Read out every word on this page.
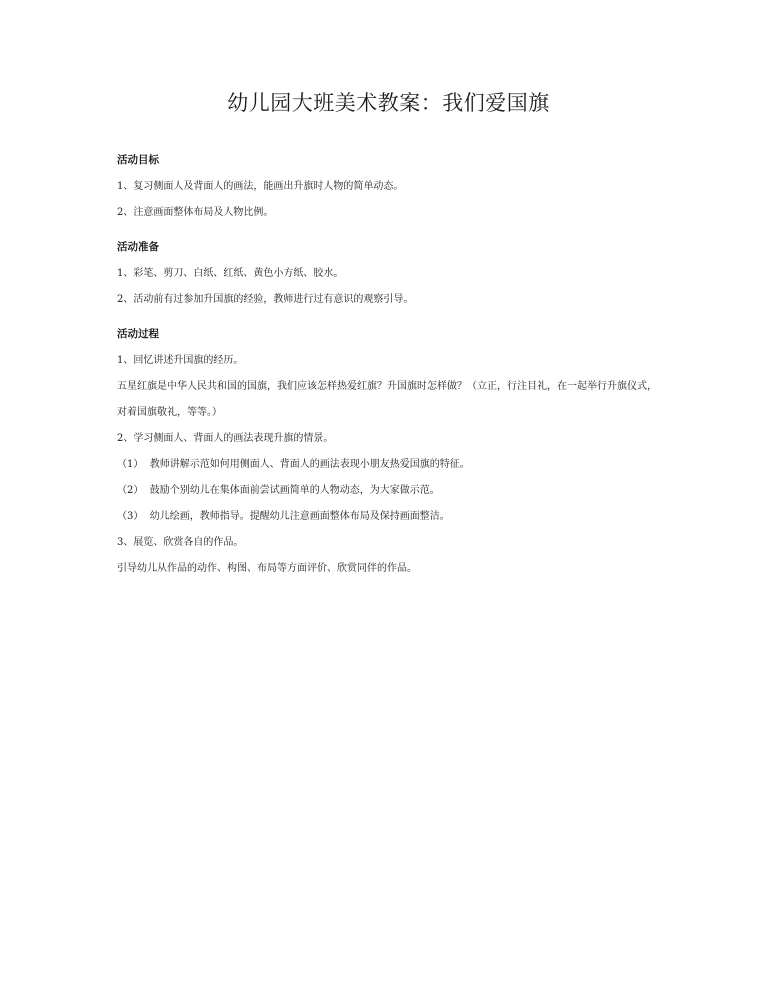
幼儿园大班美术教案：我们爱国旗
活动目标

1、复习侧面人及背面人的画法，能画出升旗时人物的简单动态。

2、注意画面整体布局及人物比例。

活动准备

1、彩笔、剪刀、白纸、红纸、黄色小方纸、胶水。

2、活动前有过参加升国旗的经验，教师进行过有意识的观察引导。

活动过程

1、回忆讲述升国旗的经历。

五星红旗是中华人民共和国的国旗，我们应该怎样热爱红旗？升国旗时怎样做？（立正，行注目礼，在一起举行升旗仪式，对着国旗敬礼，等等。）

2、学习侧面人、背面人的画法表现升旗的情景。

（1）  教师讲解示范如何用侧面人、背面人的画法表现小朋友热爱国旗的特征。

（2）  鼓励个别幼儿在集体面前尝试画简单的人物动态，为大家做示范。

（3）  幼儿绘画，教师指导。提醒幼儿注意画面整体布局及保持画面整洁。

3、展览、欣赏各自的作品。

引导幼儿从作品的动作、构图、布局等方面评价、欣赏同伴的作品。
